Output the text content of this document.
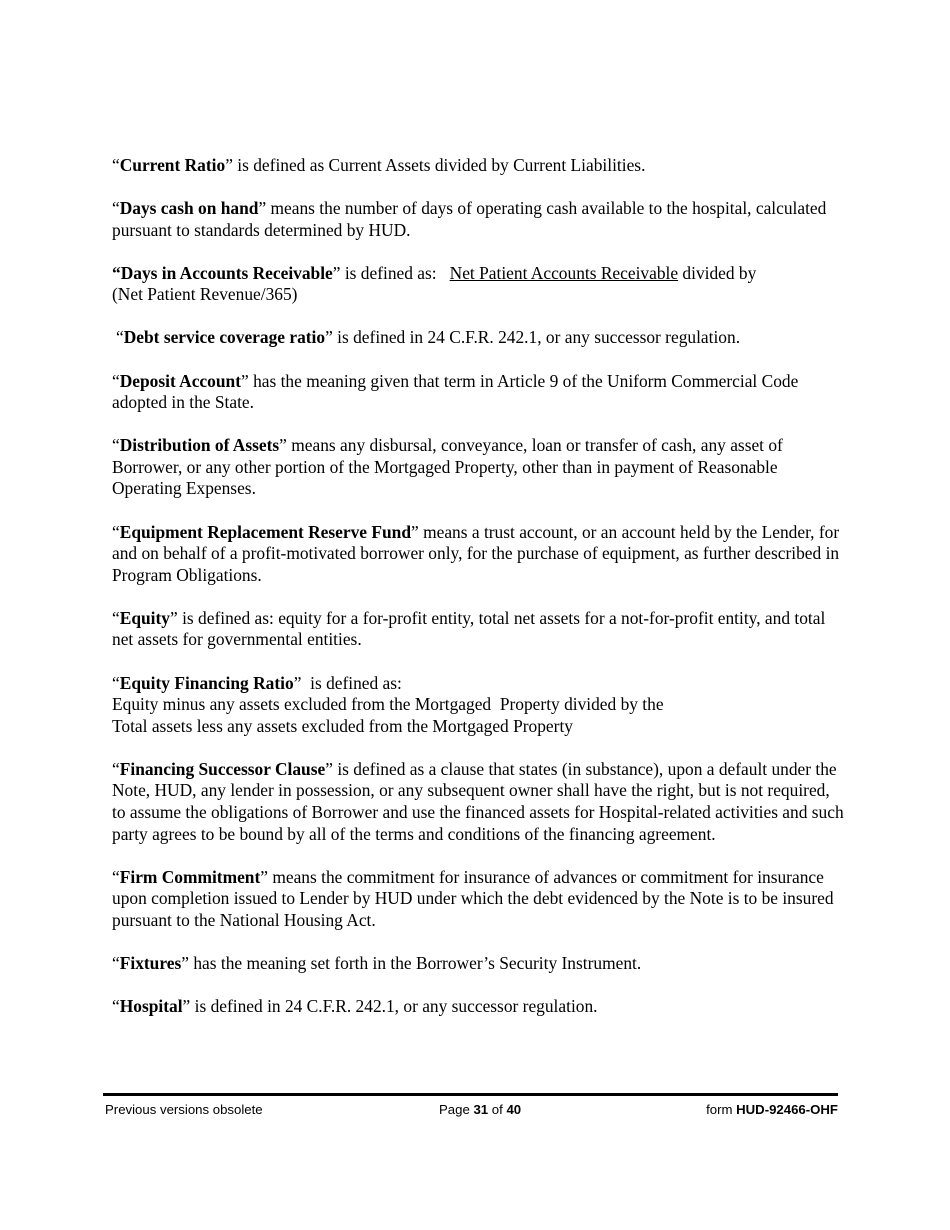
“Current Ratio” is defined as Current Assets divided by Current Liabilities.

“Days cash on hand” means the number of days of operating cash available to the hospital, calculated pursuant to standards determined by HUD.

“Days in Accounts Receivable” is defined as:   Net Patient Accounts Receivable divided by
(Net Patient Revenue/365)

“Debt service coverage ratio” is defined in 24 C.F.R. 242.1, or any successor regulation.

“Deposit Account” has the meaning given that term in Article 9 of the Uniform Commercial Code adopted in the State.

“Distribution of Assets” means any disbursal, conveyance, loan or transfer of cash, any asset of Borrower, or any other portion of the Mortgaged Property, other than in payment of Reasonable Operating Expenses.

“Equipment Replacement Reserve Fund” means a trust account, or an account held by the Lender, for and on behalf of a profit-motivated borrower only, for the purchase of equipment, as further described in Program Obligations.

“Equity” is defined as: equity for a for-profit entity, total net assets for a not-for-profit entity, and total net assets for governmental entities.

“Equity Financing Ratio”  is defined as:
Equity minus any assets excluded from the Mortgaged  Property divided by the
Total assets less any assets excluded from the Mortgaged Property

“Financing Successor Clause” is defined as a clause that states (in substance), upon a default under the Note, HUD, any lender in possession, or any subsequent owner shall have the right, but is not required, to assume the obligations of Borrower and use the financed assets for Hospital-related activities and such party agrees to be bound by all of the terms and conditions of the financing agreement.

“Firm Commitment” means the commitment for insurance of advances or commitment for insurance upon completion issued to Lender by HUD under which the debt evidenced by the Note is to be insured pursuant to the National Housing Act.

“Fixtures” has the meaning set forth in the Borrower’s Security Instrument.

“Hospital” is defined in 24 C.F.R. 242.1, or any successor regulation.

Previous versions obsolete	Page 31 of 40	form HUD-92466-OHF
